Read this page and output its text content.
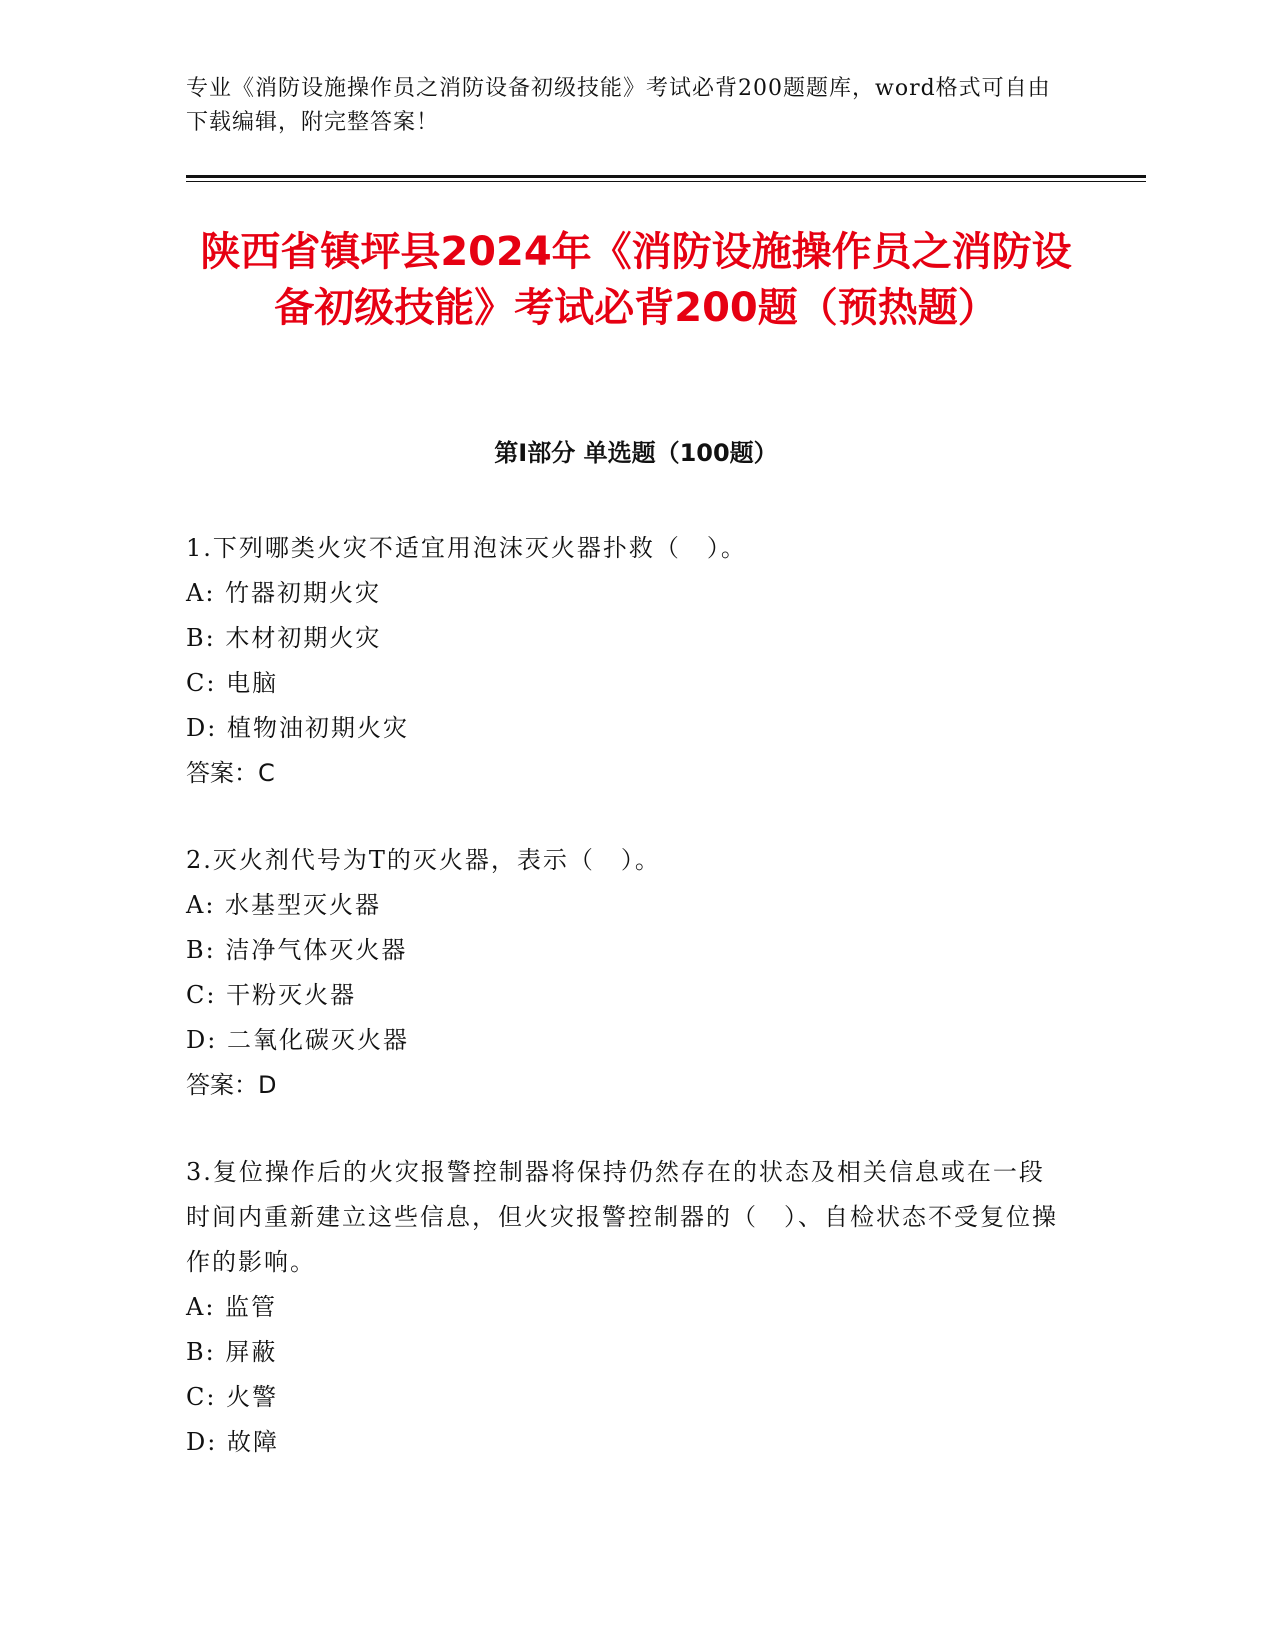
专业《消防设施操作员之消防设备初级技能》考试必背200题题库，word格式可自由下载编辑，附完整答案！
陕西省镇坪县2024年《消防设施操作员之消防设备初级技能》考试必背200题（预热题）
第Ⅰ部分 单选题（100题）
1.下列哪类火灾不适宜用泡沫灭火器扑救（　）。
A: 竹器初期火灾
B: 木材初期火灾
C: 电脑
D: 植物油初期火灾
答案：C
2.灭火剂代号为T的灭火器，表示（　）。
A: 水基型灭火器
B: 洁净气体灭火器
C: 干粉灭火器
D: 二氧化碳灭火器
答案：D
3.复位操作后的火灾报警控制器将保持仍然存在的状态及相关信息或在一段时间内重新建立这些信息，但火灾报警控制器的（　）、自检状态不受复位操作的影响。
A: 监管
B: 屏蔽
C: 火警
D: 故障
